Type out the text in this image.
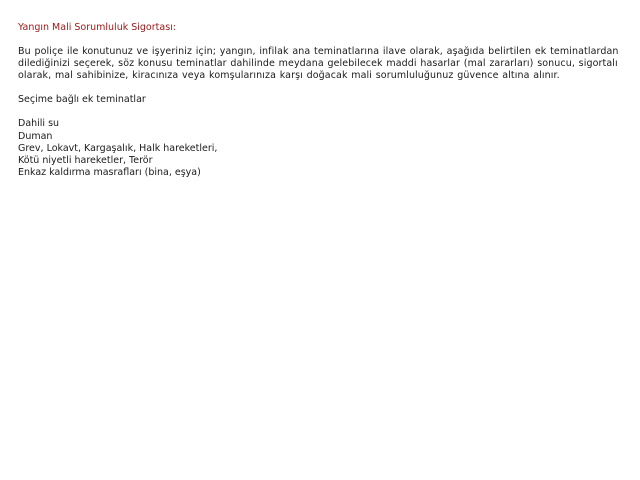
Yangın Mali Sorumluluk Sigortası:
Bu poliçe ile konutunuz ve işyeriniz için; yangın, infilak ana teminatlarına ilave olarak, aşağıda belirtilen ek teminatlardan dilediğinizi seçerek, söz konusu teminatlar dahilinde meydana gelebilecek maddi hasarlar (mal zararları) sonucu, sigortalı olarak, mal sahibinize, kiracınıza veya komşularınıza karşı doğacak mali sorumluluğunuz güvence altına alınır.
Seçime bağlı ek teminatlar
Dahili su
Duman
Grev, Lokavt, Kargaşalık, Halk hareketleri,
Kötü niyetli hareketler, Terör
Enkaz kaldırma masrafları (bina, eşya)
